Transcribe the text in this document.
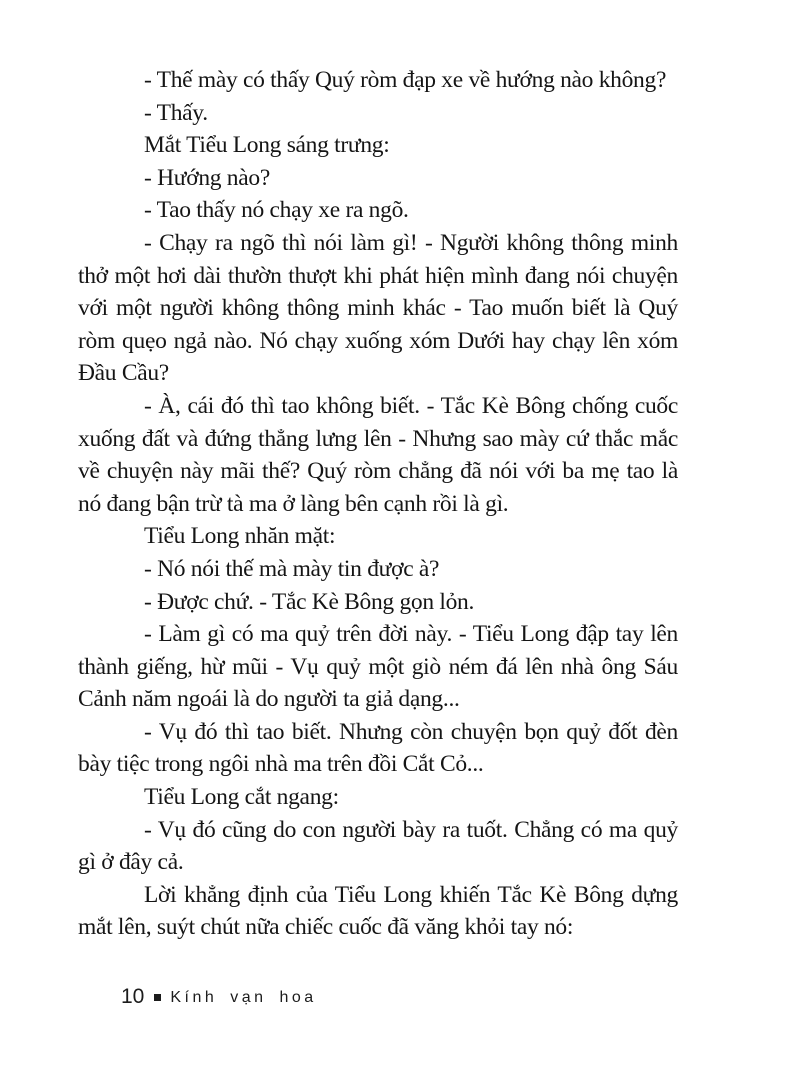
- Thế mày có thấy Quý ròm đạp xe về hướng nào không?

- Thấy.

Mắt Tiểu Long sáng trưng:

- Hướng nào?

- Tao thấy nó chạy xe ra ngõ.

- Chạy ra ngõ thì nói làm gì! - Người không thông minh thở một hơi dài thườn thượt khi phát hiện mình đang nói chuyện với một người không thông minh khác - Tao muốn biết là Quý ròm quẹo ngả nào. Nó chạy xuống xóm Dưới hay chạy lên xóm Đầu Cầu?

- À, cái đó thì tao không biết. - Tắc Kè Bông chống cuốc xuống đất và đứng thẳng lưng lên - Nhưng sao mày cứ thắc mắc về chuyện này mãi thế? Quý ròm chẳng đã nói với ba mẹ tao là nó đang bận trừ tà ma ở làng bên cạnh rồi là gì.

Tiểu Long nhăn mặt:

- Nó nói thế mà mày tin được à?

- Được chứ. - Tắc Kè Bông gọn lỏn.

- Làm gì có ma quỷ trên đời này. - Tiểu Long đập tay lên thành giếng, hừ mũi - Vụ quỷ một giò ném đá lên nhà ông Sáu Cảnh năm ngoái là do người ta giả dạng...

- Vụ đó thì tao biết. Nhưng còn chuyện bọn quỷ đốt đèn bày tiệc trong ngôi nhà ma trên đồi Cắt Cỏ...

Tiểu Long cắt ngang:

- Vụ đó cũng do con người bày ra tuốt. Chẳng có ma quỷ gì ở đây cả.

Lời khẳng định của Tiểu Long khiến Tắc Kè Bông dựng mắt lên, suýt chút nữa chiếc cuốc đã văng khỏi tay nó:

10 Kính vạn hoa
